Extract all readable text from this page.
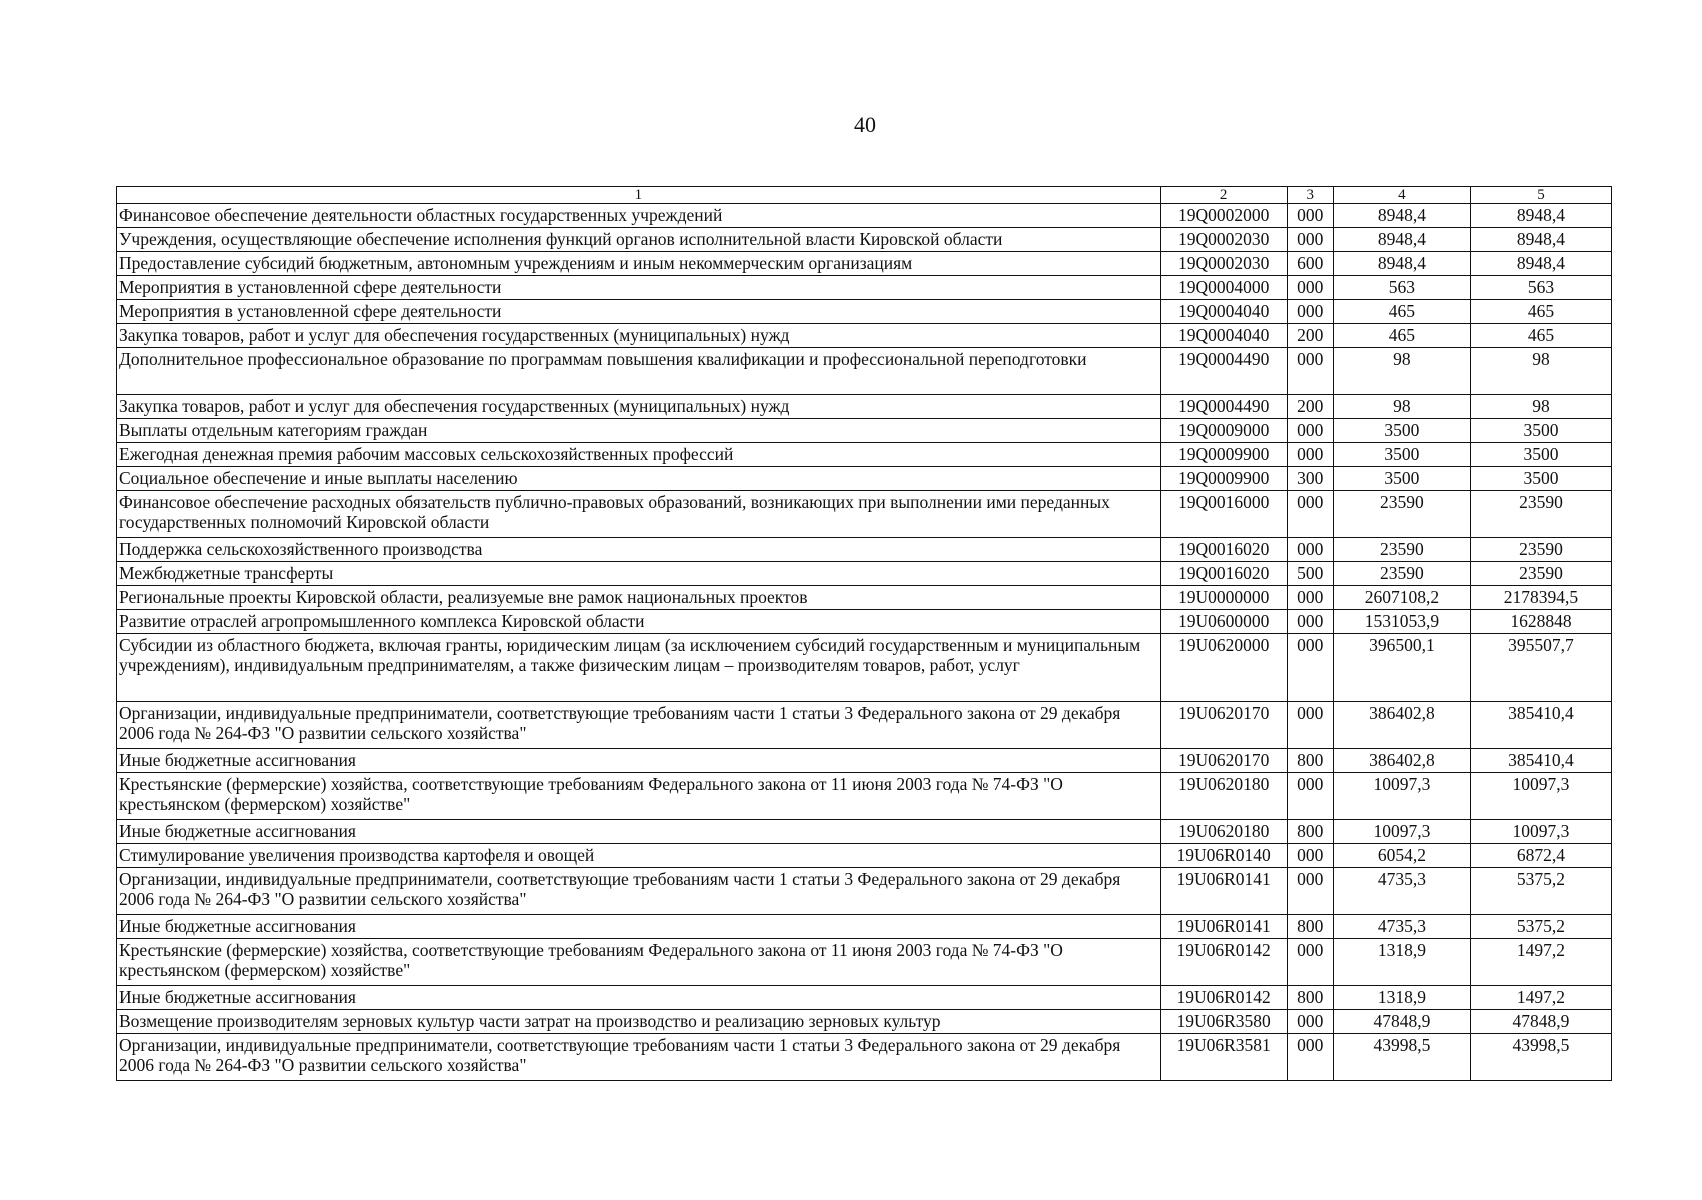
40
1	2	3	4	5
Финансовое обеспечение деятельности областных государственных учреждений	19Q0002000	000	8948,4	8948,4
Учреждения, осуществляющие обеспечение исполнения функций органов исполнительной власти Кировской области	19Q0002030	000	8948,4	8948,4
Предоставление субсидий бюджетным, автономным учреждениям и иным некоммерческим организациям	19Q0002030	600	8948,4	8948,4
Мероприятия в установленной сфере деятельности	19Q0004000	000	563	563
Мероприятия в установленной сфере деятельности	19Q0004040	000	465	465
Закупка товаров, работ и услуг для обеспечения государственных (муниципальных) нужд	19Q0004040	200	465	465
Дополнительное профессиональное образование по программам повышения квалификации и профессиональной переподготовки	19Q0004490	000	98	98
Закупка товаров, работ и услуг для обеспечения государственных (муниципальных) нужд	19Q0004490	200	98	98
Выплаты отдельным категориям граждан	19Q0009000	000	3500	3500
Ежегодная денежная премия рабочим массовых сельскохозяйственных профессий	19Q0009900	000	3500	3500
Социальное обеспечение и иные выплаты населению	19Q0009900	300	3500	3500
Финансовое обеспечение расходных обязательств публично-правовых образований, возникающих при выполнении ими переданных государственных полномочий Кировской области	19Q0016000	000	23590	23590
Поддержка сельскохозяйственного производства	19Q0016020	000	23590	23590
Межбюджетные трансферты	19Q0016020	500	23590	23590
Региональные проекты Кировской области, реализуемые вне рамок национальных проектов	19U0000000	000	2607108,2	2178394,5
Развитие отраслей агропромышленного комплекса Кировской области	19U0600000	000	1531053,9	1628848
Субсидии из областного бюджета, включая гранты, юридическим лицам (за исключением субсидий государственным и муниципальным учреждениям), индивидуальным предпринимателям, а также физическим лицам – производителям товаров, работ, услуг	19U0620000	000	396500,1	395507,7
Организации, индивидуальные предприниматели, соответствующие требованиям части 1 статьи 3 Федерального закона от 29 декабря 2006 года № 264-ФЗ "О развитии сельского хозяйства"	19U0620170	000	386402,8	385410,4
Иные бюджетные ассигнования	19U0620170	800	386402,8	385410,4
Крестьянские (фермерские) хозяйства, соответствующие требованиям Федерального закона от 11 июня 2003 года № 74-ФЗ "О крестьянском (фермерском) хозяйстве"	19U0620180	000	10097,3	10097,3
Иные бюджетные ассигнования	19U0620180	800	10097,3	10097,3
Стимулирование увеличения производства картофеля и овощей	19U06R0140	000	6054,2	6872,4
Организации, индивидуальные предприниматели, соответствующие требованиям части 1 статьи 3 Федерального закона от 29 декабря 2006 года № 264-ФЗ "О развитии сельского хозяйства"	19U06R0141	000	4735,3	5375,2
Иные бюджетные ассигнования	19U06R0141	800	4735,3	5375,2
Крестьянские (фермерские) хозяйства, соответствующие требованиям Федерального закона от 11 июня 2003 года № 74-ФЗ "О крестьянском (фермерском) хозяйстве"	19U06R0142	000	1318,9	1497,2
Иные бюджетные ассигнования	19U06R0142	800	1318,9	1497,2
Возмещение производителям зерновых культур части затрат на производство и реализацию зерновых культур	19U06R3580	000	47848,9	47848,9
Организации, индивидуальные предприниматели, соответствующие требованиям части 1 статьи 3 Федерального закона от 29 декабря 2006 года № 264-ФЗ "О развитии сельского хозяйства"	19U06R3581	000	43998,5	43998,5
